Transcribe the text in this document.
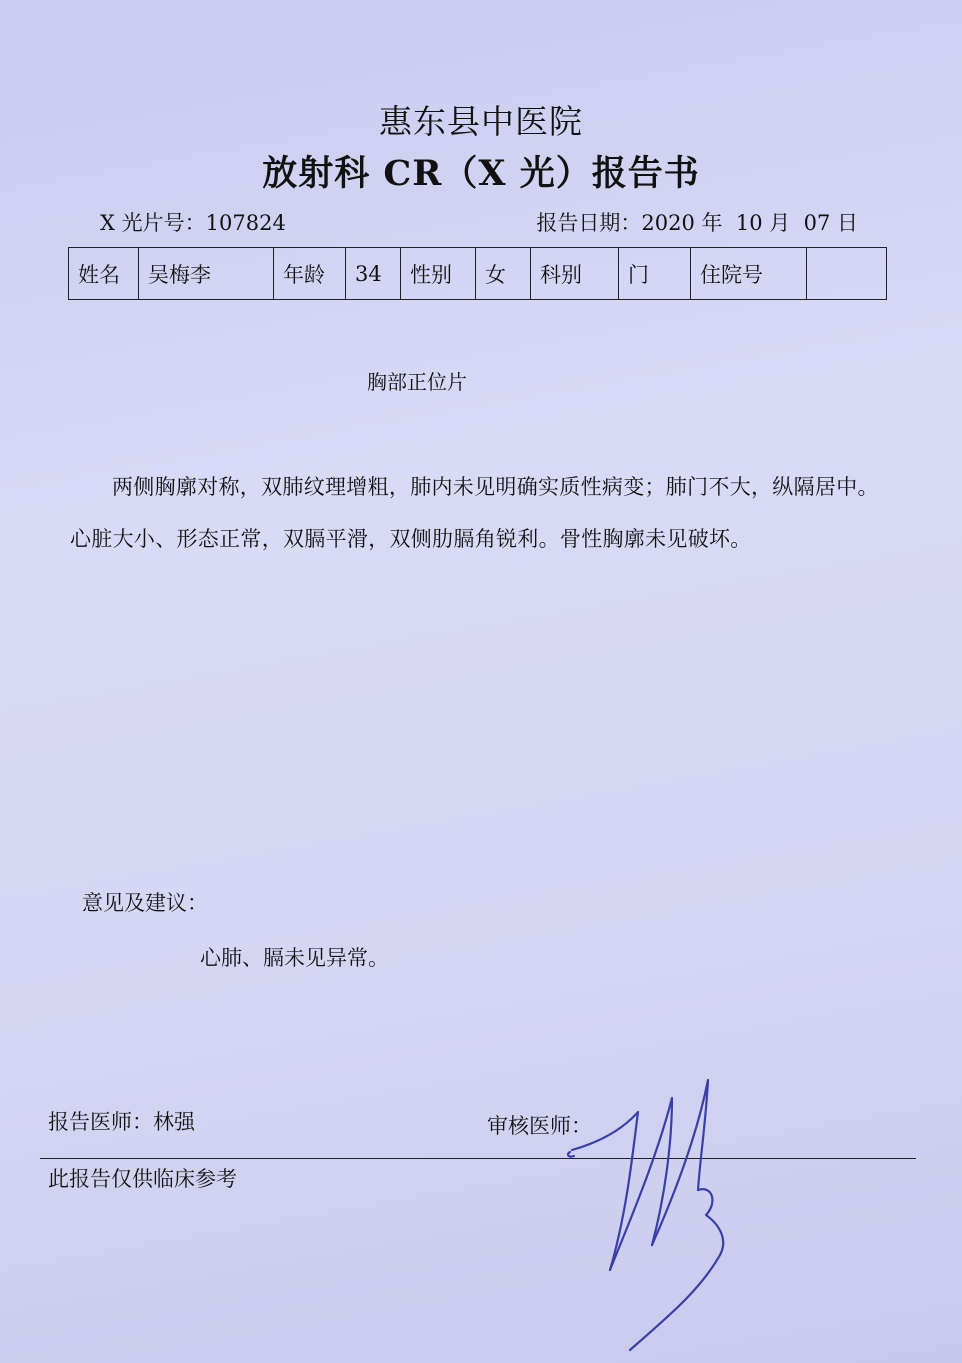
惠东县中医院
放射科 CR（X 光）报告书
X 光片号：107824	报告日期：2020 年  10 月  07 日
姓名	吴梅李	年龄	34	性别	女	科别	门	住院号	
胸部正位片
两侧胸廓对称，双肺纹理增粗，肺内未见明确实质性病变；肺门不大，纵隔居中。心脏大小、形态正常，双膈平滑，双侧肋膈角锐利。骨性胸廓未见破坏。
意见及建议：
心肺、膈未见异常。
报告医师：林强	审核医师：
此报告仅供临床参考
